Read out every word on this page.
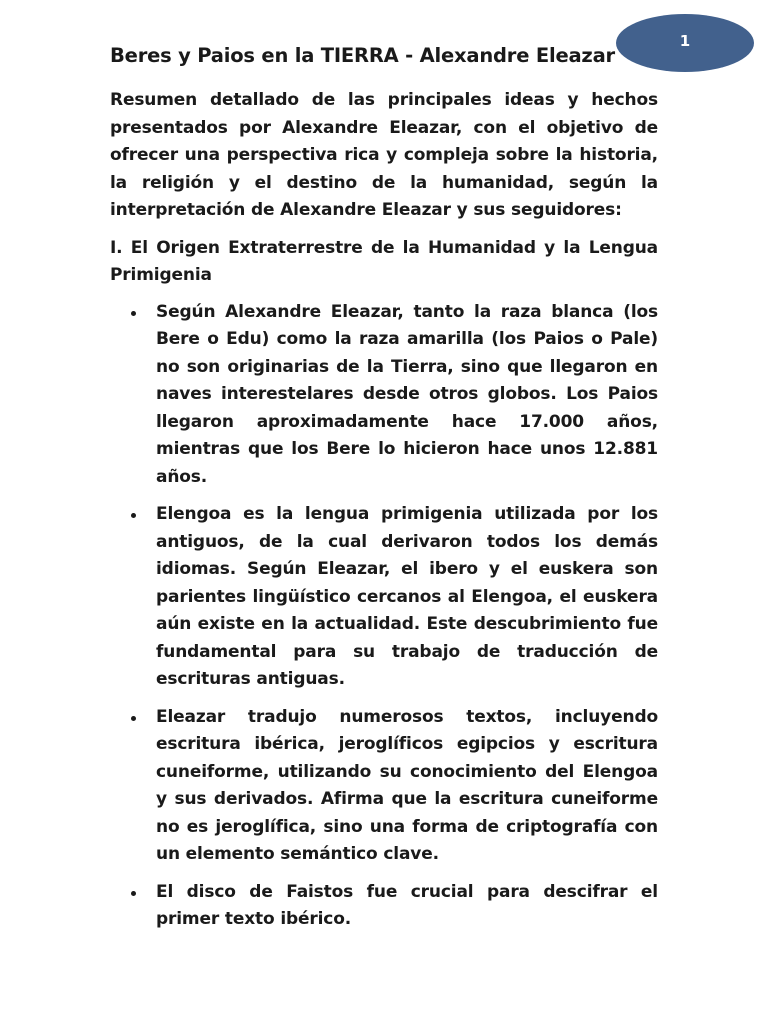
1
Beres y Paios en la TIERRA - Alexandre Eleazar

Resumen detallado de las principales ideas y hechos presentados por Alexandre Eleazar, con el objetivo de ofrecer una perspectiva rica y compleja sobre la historia, la religión y el destino de la humanidad, según la interpretación de Alexandre Eleazar y sus seguidores:

I. El Origen Extraterrestre de la Humanidad y la Lengua Primigenia

Según Alexandre Eleazar, tanto la raza blanca (los Bere o Edu) como la raza amarilla (los Paios o Pale) no son originarias de la Tierra, sino que llegaron en naves interestelares desde otros globos. Los Paios llegaron aproximadamente hace 17.000 años, mientras que los Bere lo hicieron hace unos 12.881 años.
Elengoa es la lengua primigenia utilizada por los antiguos, de la cual derivaron todos los demás idiomas. Según Eleazar, el ibero y el euskera son parientes lingüístico cercanos al Elengoa, el euskera aún existe en la actualidad. Este descubrimiento fue fundamental para su trabajo de traducción de escrituras antiguas.
Eleazar tradujo numerosos textos, incluyendo escritura ibérica, jeroglíficos egipcios y escritura cuneiforme, utilizando su conocimiento del Elengoa y sus derivados. Afirma que la escritura cuneiforme no es jeroglífica, sino una forma de criptografía con un elemento semántico clave.
El disco de Faistos fue crucial para descifrar el primer texto ibérico.
